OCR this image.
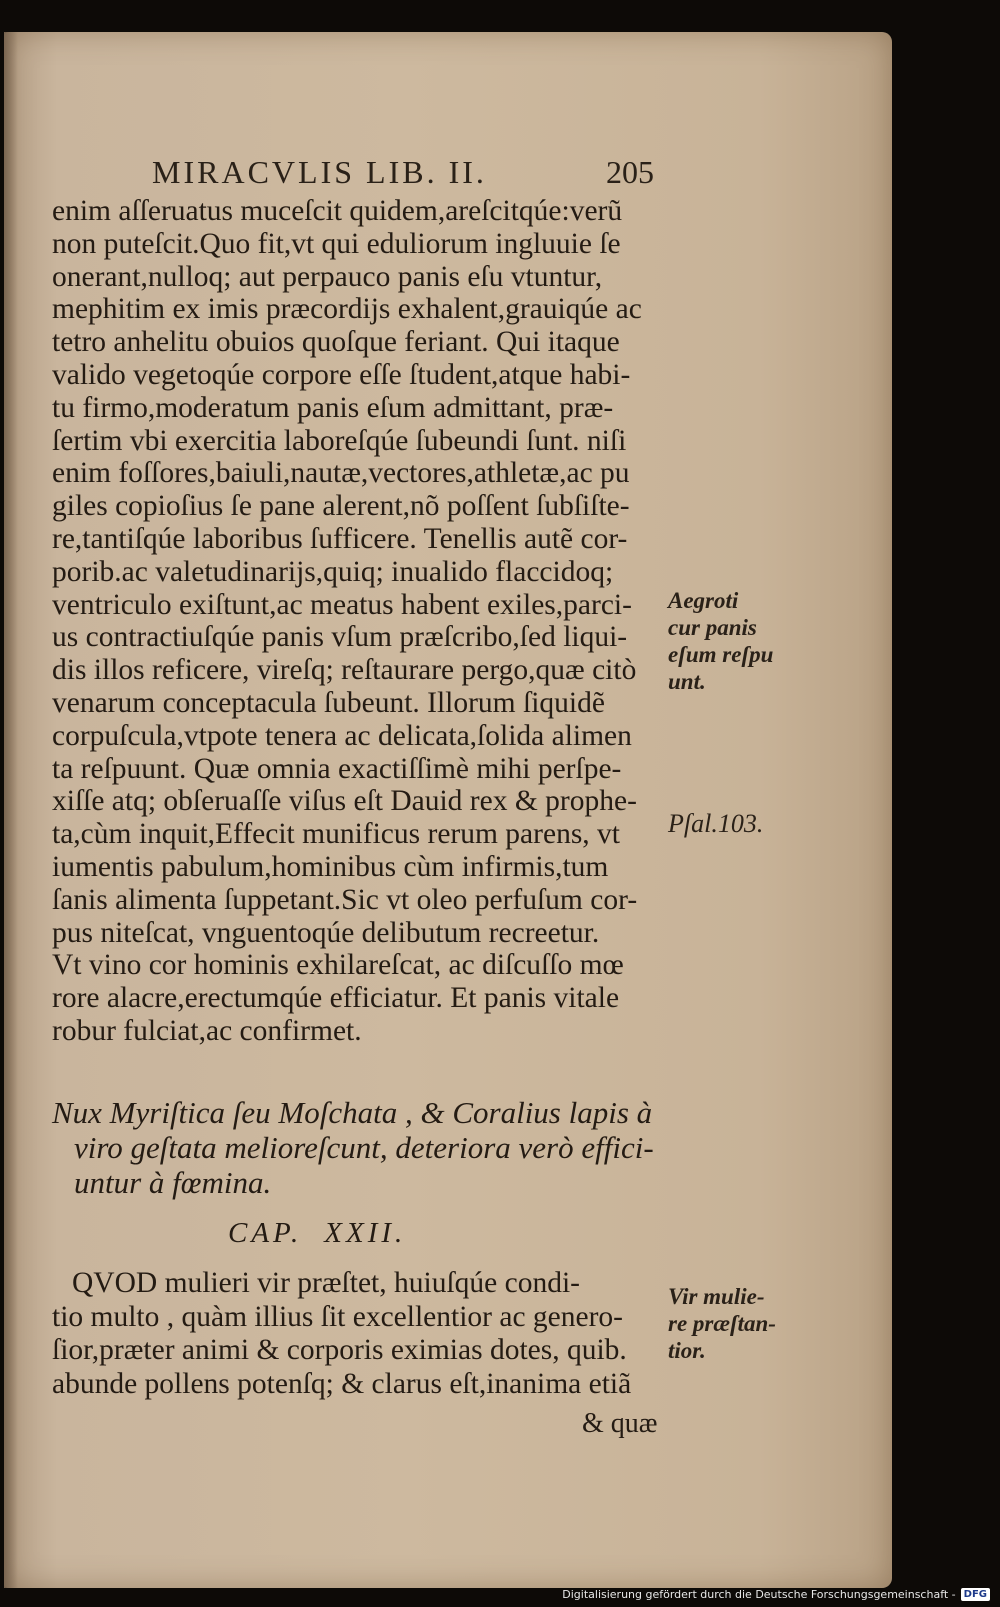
MIRACVLIS LIB. II.	205

enim aſſeruatus muceſcit quidem,areſcitqúe:verũ
non puteſcit.Quo fit,vt qui eduliorum ingluuie ſe
onerant,nulloq; aut perpauco panis eſu vtuntur,
mephitim ex imis præcordijs exhalent,grauiqúe ac
tetro anhelitu obuios quoſque feriant. Qui itaque
valido vegetoqúe corpore eſſe ſtudent,atque habi-
tu firmo,moderatum panis eſum admittant, præ-
ſertim vbi exercitia laboreſqúe ſubeundi ſunt. niſi
enim foſſores,baiuli,nautæ,vectores,athletæ,ac pu
giles copioſius ſe pane alerent,nõ poſſent ſubſiſte-
re,tantiſqúe laboribus ſufficere. Tenellis autẽ cor-
porib.ac valetudinarijs,quiq; inualido flaccidoq;
ventriculo exiſtunt,ac meatus habent exiles,parci-
us contractiuſqúe panis vſum præſcribo,ſed liqui-
dis illos reficere, vireſq; reſtaurare pergo,quæ citò
venarum conceptacula ſubeunt. Illorum ſiquidẽ
corpuſcula,vtpote tenera ac delicata,ſolida alimen
ta reſpuunt. Quæ omnia exactiſſimè mihi perſpe-
xiſſe atq; obſeruaſſe viſus eſt Dauid rex & prophe-
ta,cùm inquit,Effecit munificus rerum parens, vt
iumentis pabulum,hominibus cùm infirmis,tum
ſanis alimenta ſuppetant.Sic vt oleo perfuſum cor-
pus niteſcat, vnguentoqúe delibutum recreetur.
Vt vino cor hominis exhilareſcat, ac diſcuſſo mœ
rore alacre,erectumqúe efficiatur. Et panis vitale
robur fulciat,ac confirmet.

Aegroti
cur panis
eſum reſpu
unt.
Pſal.103.

Nux Myriſtica ſeu Moſchata , & Coralius lapis à
viro geſtata melioreſcunt, deteriora verò effici-
untur à fœmina.

CAP. XXII.

QVOD mulieri vir præſtet, huiuſqúe condi-
tio multo , quàm illius ſit excellentior ac genero-
ſior,præter animi & corporis eximias dotes, quib.
abunde pollens potenſq; & clarus eſt,inanima etiã

Vir mulie-
re præſtan-
tior.
& quæ
Digitalisierung gefördert durch die Deutsche Forschungsgemeinschaft - DFG
